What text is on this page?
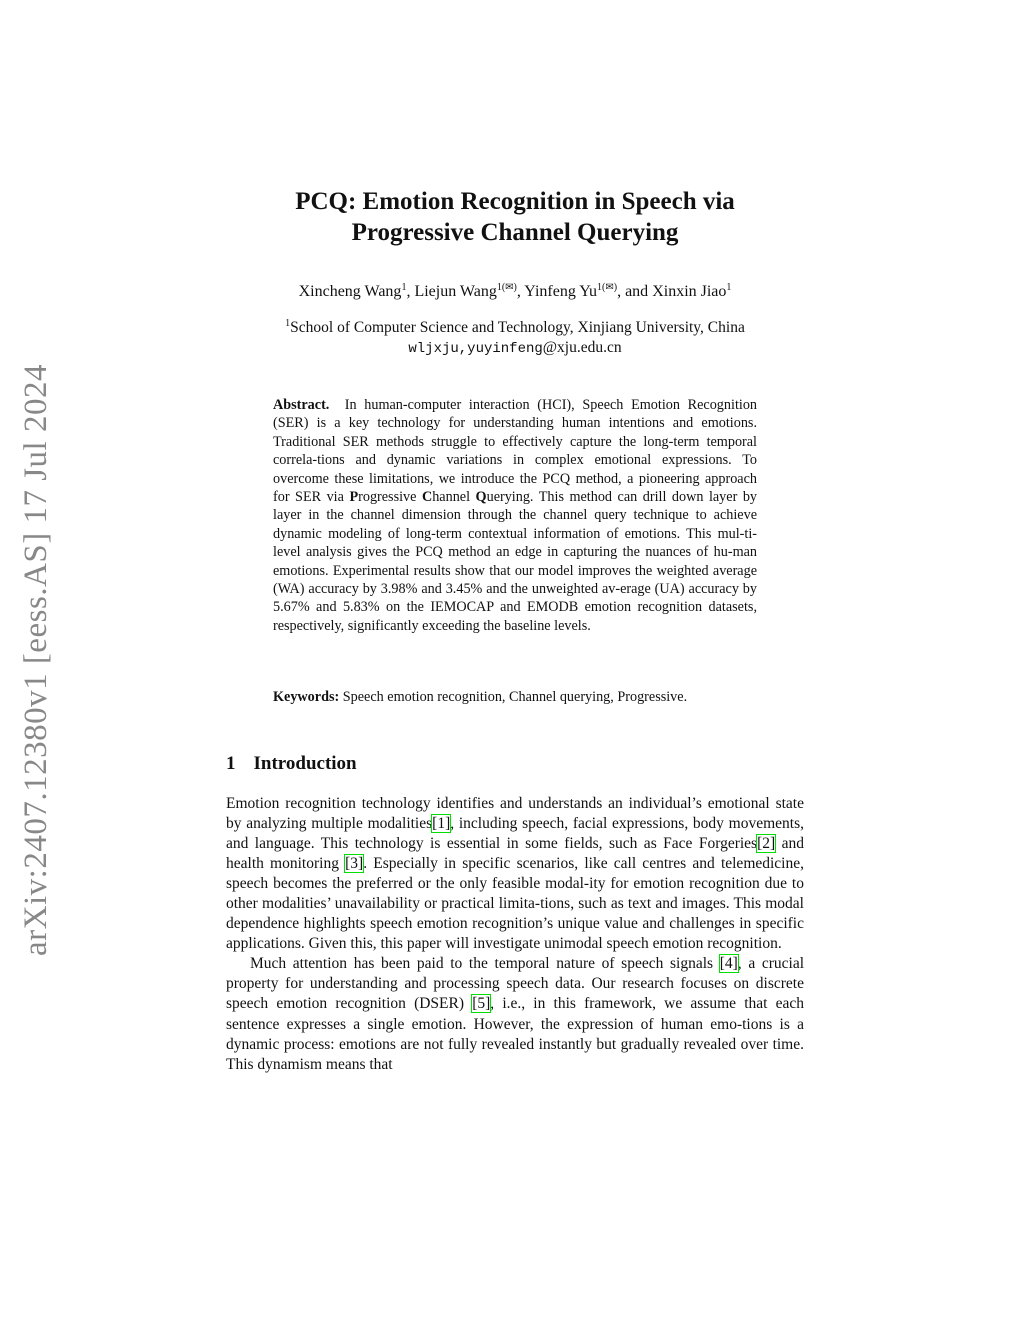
arXiv:2407.12380v1 [eess.AS] 17 Jul 2024
PCQ: Emotion Recognition in Speech via
Progressive Channel Querying
Xincheng Wang$^1$, Liejun Wang$^{1(✉)}$, Yinfeng $Yu^{1(✉)}$, and Xinxin Jiao$^1$
$^1$School of Computer Science and Technology, Xinjiang University, China
wljxju,yuyinfeng@xju.edu.cn

Abstract. In human-computer interaction (HCI), Speech Emotion Recognition (SER) is a key technology for understanding human intentions and emotions. Traditional SER methods struggle to effectively capture the long-term temporal correla-tions and dynamic variations in complex emotional expressions. To overcome these limitations, we introduce the PCQ method, a pioneering approach for SER via Progressive Channel Querying. This method can drill down layer by layer in the channel dimension through the channel query technique to achieve dynamic modeling of long-term contextual information of emotions. This mul-ti-level analysis gives the PCQ method an edge in capturing the nuances of hu-man emotions. Experimental results show that our model improves the weighted average (WA) accuracy by 3.98% and 3.45% and the unweighted av-erage (UA) accuracy by 5.67% and 5.83% on the IEMOCAP and EMODB emotion recognition datasets, respectively, significantly exceeding the baseline levels.

Keywords: Speech emotion recognition, Channel querying, Progressive.

1 Introduction

Emotion recognition technology identifies and understands an individual’s emotional state by analyzing multiple modalities[1], including speech, facial expressions, body movements, and language. This technology is essential in some fields, such as Face Forgeries[2] and health monitoring [3]. Especially in specific scenarios, like call centres and telemedicine, speech becomes the preferred or the only feasible modal-ity for emotion recognition due to other modalities’ unavailability or practical limita-tions, such as text and images. This modal dependence highlights speech emotion recognition’s unique value and challenges in specific applications. Given this, this paper will investigate unimodal speech emotion recognition.

Much attention has been paid to the temporal nature of speech signals [4], a crucial property for understanding and processing speech data. Our research focuses on discrete speech emotion recognition (DSER) [5], i.e., in this framework, we assume that each sentence expresses a single emotion. However, the expression of human emo-tions is a dynamic process: emotions are not fully revealed instantly but gradually revealed over time. This dynamism means that
